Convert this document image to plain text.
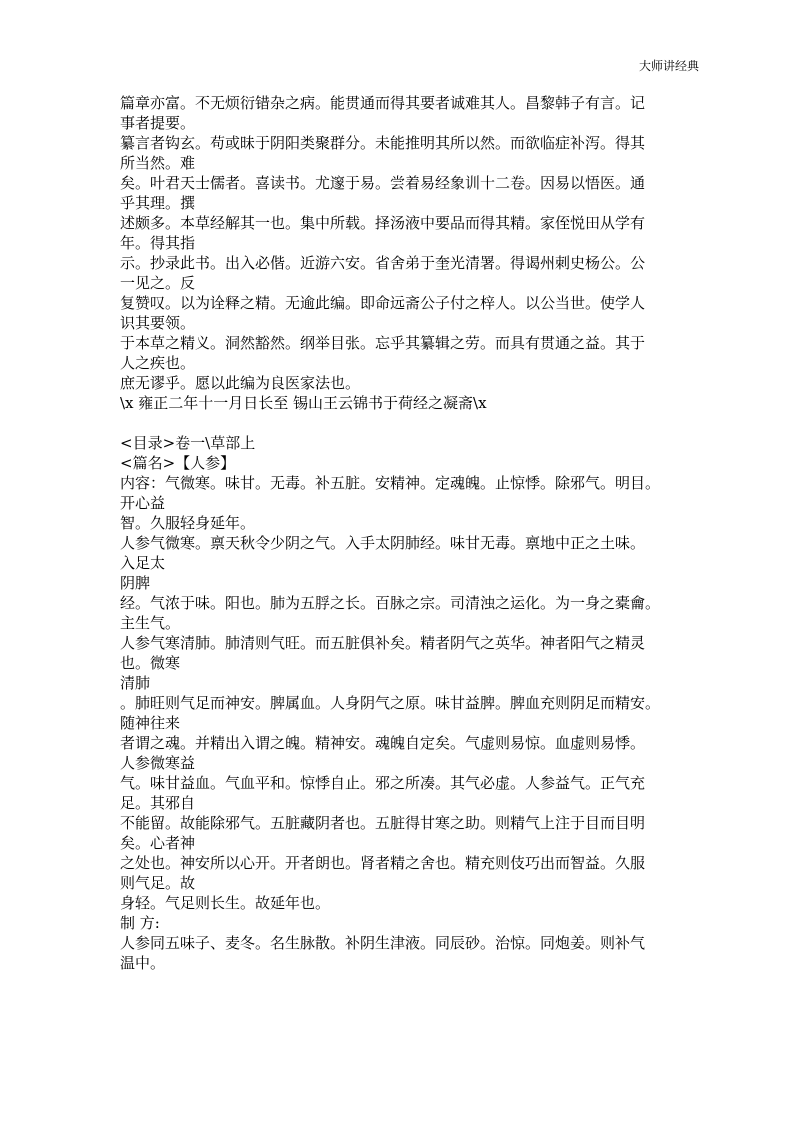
大师讲经典
篇章亦富。不无烦衍错杂之病。能贯通而得其要者诚难其人。昌黎韩子有言。记
事者提要。
纂言者钩玄。苟或昧于阴阳类聚群分。未能推明其所以然。而欲临症补泻。得其
所当然。难
矣。叶君天士儒者。喜读书。尤邃于易。尝着易经象训十二卷。因易以悟医。通
乎其理。撰
述颇多。本草经解其一也。集中所载。择汤液中要品而得其精。家侄悦田从学有
年。得其指
示。抄录此书。出入必偕。近游六安。省舍弟于奎光清署。得谒州刺史杨公。公
一见之。反
复赞叹。以为诠释之精。无逾此编。即命远斋公子付之梓人。以公当世。使学人
识其要领。
于本草之精义。洞然豁然。纲举目张。忘乎其纂辑之劳。而具有贯通之益。其于
人之疾也。
庶无谬乎。愿以此编为良医家法也。
\x 雍正二年十一月日长至 锡山王云锦书于荷经之凝斋\x
<目录>卷一\草部上
<篇名>【人参】
内容：气微寒。味甘。无毒。补五脏。安精神。定魂魄。止惊悸。除邪气。明目。
开心益
智。久服轻身延年。
人参气微寒。禀天秋令少阴之气。入手太阴肺经。味甘无毒。禀地中正之土味。
入足太
阴脾
经。气浓于味。阳也。肺为五脬之长。百脉之宗。司清浊之运化。为一身之橐龠。
主生气。
人参气寒清肺。肺清则气旺。而五脏俱补矣。精者阴气之英华。神者阳气之精灵
也。微寒
清肺
。肺旺则气足而神安。脾属血。人身阴气之原。味甘益脾。脾血充则阴足而精安。
随神往来
者谓之魂。并精出入谓之魄。精神安。魂魄自定矣。气虚则易惊。血虚则易悸。
人参微寒益
气。味甘益血。气血平和。惊悸自止。邪之所凑。其气必虚。人参益气。正气充
足。其邪自
不能留。故能除邪气。五脏藏阴者也。五脏得甘寒之助。则精气上注于目而目明
矣。心者神
之处也。神安所以心开。开者朗也。肾者精之舍也。精充则伎巧出而智益。久服
则气足。故
身轻。气足则长生。故延年也。
制 方:
人参同五味子、麦冬。名生脉散。补阴生津液。同辰砂。治惊。同炮姜。则补气
温中。
